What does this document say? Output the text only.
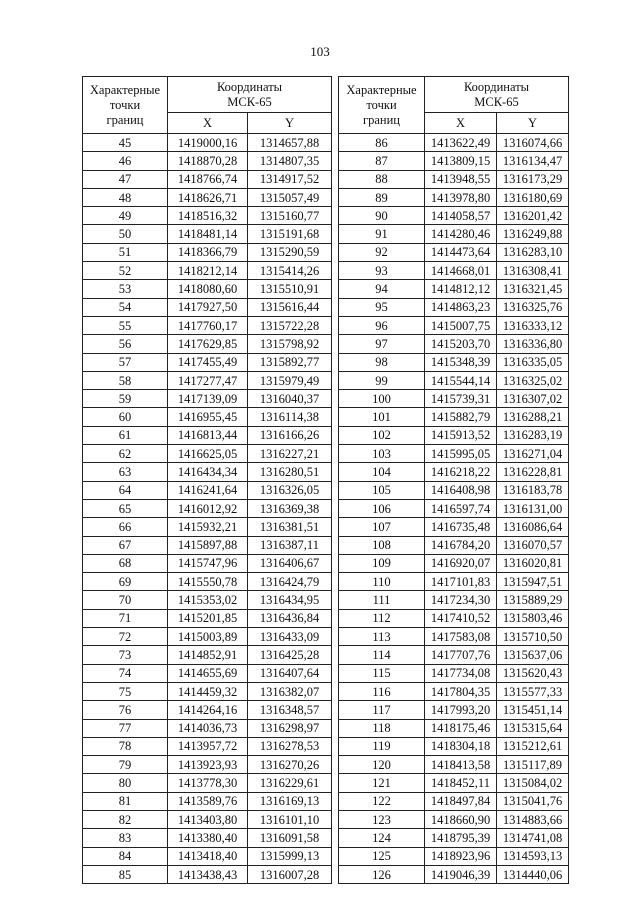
103
Характерные
точки
границ	Координаты
МСК-65	

	X	Y
45	1419000,16	1314657,88
46	1418870,28	1314807,35
47	1418766,74	1314917,52
48	1418626,71	1315057,49
49	1418516,32	1315160,77
50	1418481,14	1315191,68
51	1418366,79	1315290,59
52	1418212,14	1315414,26
53	1418080,60	1315510,91
54	1417927,50	1315616,44
55	1417760,17	1315722,28
56	1417629,85	1315798,92
57	1417455,49	1315892,77
58	1417277,47	1315979,49
59	1417139,09	1316040,37
60	1416955,45	1316114,38
61	1416813,44	1316166,26
62	1416625,05	1316227,21
63	1416434,34	1316280,51
64	1416241,64	1316326,05
65	1416012,92	1316369,38
66	1415932,21	1316381,51
67	1415897,88	1316387,11
68	1415747,96	1316406,67
69	1415550,78	1316424,79
70	1415353,02	1316434,95
71	1415201,85	1316436,84
72	1415003,89	1316433,09
73	1414852,91	1316425,28
74	1414655,69	1316407,64
75	1414459,32	1316382,07
76	1414264,16	1316348,57
77	1414036,73	1316298,97
78	1413957,72	1316278,53
79	1413923,93	1316270,26
80	1413778,30	1316229,61
81	1413589,76	1316169,13
82	1413403,80	1316101,10
83	1413380,40	1316091,58
84	1413418,40	1315999,13
85	1413438,43	1316007,28
Характерные
точки
границ	Координаты
МСК-65	

	X	Y
86	1413622,49	1316074,66
87	1413809,15	1316134,47
88	1413948,55	1316173,29
89	1413978,80	1316180,69
90	1414058,57	1316201,42
91	1414280,46	1316249,88
92	1414473,64	1316283,10
93	1414668,01	1316308,41
94	1414812,12	1316321,45
95	1414863,23	1316325,76
96	1415007,75	1316333,12
97	1415203,70	1316336,80
98	1415348,39	1316335,05
99	1415544,14	1316325,02
100	1415739,31	1316307,02
101	1415882,79	1316288,21
102	1415913,52	1316283,19
103	1415995,05	1316271,04
104	1416218,22	1316228,81
105	1416408,98	1316183,78
106	1416597,74	1316131,00
107	1416735,48	1316086,64
108	1416784,20	1316070,57
109	1416920,07	1316020,81
110	1417101,83	1315947,51
111	1417234,30	1315889,29
112	1417410,52	1315803,46
113	1417583,08	1315710,50
114	1417707,76	1315637,06
115	1417734,08	1315620,43
116	1417804,35	1315577,33
117	1417993,20	1315451,14
118	1418175,46	1315315,64
119	1418304,18	1315212,61
120	1418413,58	1315117,89
121	1418452,11	1315084,02
122	1418497,84	1315041,76
123	1418660,90	1314883,66
124	1418795,39	1314741,08
125	1418923,96	1314593,13
126	1419046,39	1314440,06
